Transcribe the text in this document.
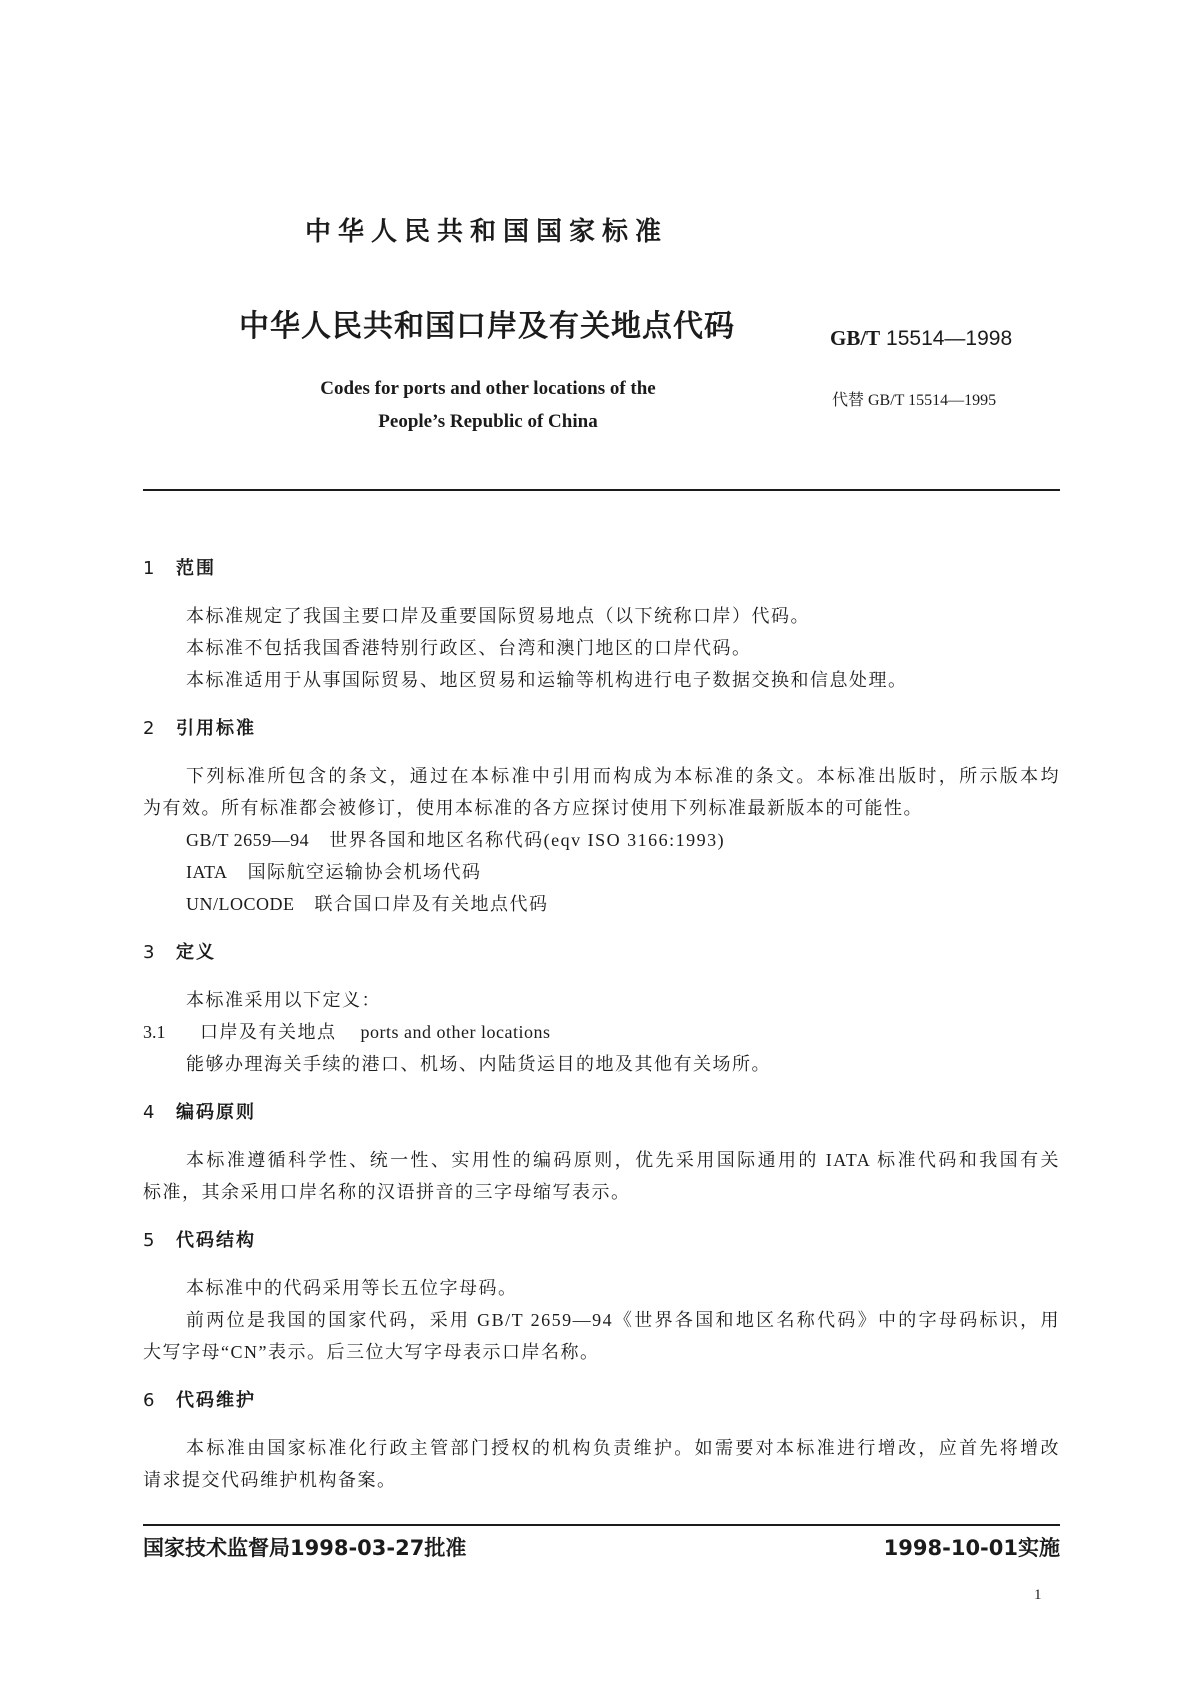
中华人民共和国国家标准
中华人民共和国口岸及有关地点代码	GB/T 15514—1998
Codes for ports and other locations of the
People’s Republic of China
代替 GB/T 15514—1995
1 范围
本标准规定了我国主要口岸及重要国际贸易地点（以下统称口岸）代码。
本标准不包括我国香港特别行政区、台湾和澳门地区的口岸代码。
本标准适用于从事国际贸易、地区贸易和运输等机构进行电子数据交换和信息处理。
2 引用标准
下列标准所包含的条文，通过在本标准中引用而构成为本标准的条文。本标准出版时，所示版本均
为有效。所有标准都会被修订，使用本标准的各方应探讨使用下列标准最新版本的可能性。
GB/T 2659—94 世界各国和地区名称代码(eqv ISO 3166:1993)
IATA 国际航空运输协会机场代码
UN/LOCODE 联合国口岸及有关地点代码
3 定义
本标准采用以下定义：
3.1 口岸及有关地点 ports and other locations
能够办理海关手续的港口、机场、内陆货运目的地及其他有关场所。
4 编码原则
本标准遵循科学性、统一性、实用性的编码原则，优先采用国际通用的 IATA 标准代码和我国有关
标准，其余采用口岸名称的汉语拼音的三字母缩写表示。
5 代码结构
本标准中的代码采用等长五位字母码。
前两位是我国的国家代码，采用 GB/T 2659—94《世界各国和地区名称代码》中的字母码标识，用
大写字母“CN”表示。后三位大写字母表示口岸名称。
6 代码维护
本标准由国家标准化行政主管部门授权的机构负责维护。如需要对本标准进行增改，应首先将增改
请求提交代码维护机构备案。
国家技术监督局1998-03-27批准	1998-10-01实施
1
